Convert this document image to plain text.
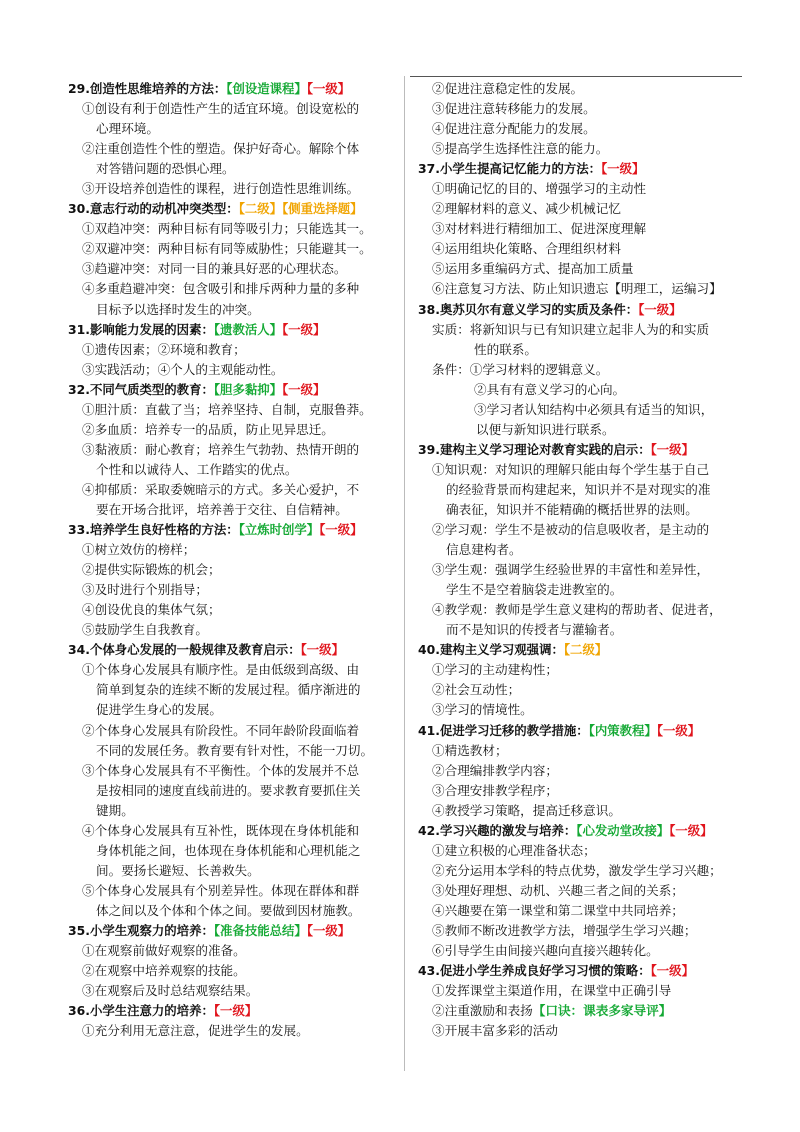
29.创造性思维培养的方法：【创设造课程】【一级】
①创设有利于创造性产生的适宜环境。创设宽松的
心理环境。
②注重创造性个性的塑造。保护好奇心。解除个体
对答错问题的恐惧心理。
③开设培养创造性的课程，进行创造性思维训练。
30.意志行动的动机冲突类型：【二级】【侧重选择题】
①双趋冲突：两种目标有同等吸引力；只能选其一。
②双避冲突：两种目标有同等威胁性；只能避其一。
③趋避冲突：对同一目的兼具好恶的心理状态。
④多重趋避冲突：包含吸引和排斥两种力量的多种
目标予以选择时发生的冲突。
31.影响能力发展的因素：【遗教活人】【一级】
①遗传因素；②环境和教育；
③实践活动；④个人的主观能动性。
32.不同气质类型的教育：【胆多黏抑】【一级】
①胆汁质：直截了当；培养坚持、自制，克服鲁莽。
②多血质：培养专一的品质，防止见异思迁。
③黏液质：耐心教育；培养生气勃勃、热情开朗的
个性和以诚待人、工作踏实的优点。
④抑郁质：采取委婉暗示的方式。多关心爱护，不
要在开场合批评，培养善于交往、自信精神。
33.培养学生良好性格的方法：【立炼时创学】【一级】
①树立效仿的榜样；
②提供实际锻炼的机会；
③及时进行个别指导；
④创设优良的集体气氛；
⑤鼓励学生自我教育。
34.个体身心发展的一般规律及教育启示：【一级】
①个体身心发展具有顺序性。是由低级到高级、由
简单到复杂的连续不断的发展过程。循序渐进的
促进学生身心的发展。
②个体身心发展具有阶段性。不同年龄阶段面临着
不同的发展任务。教育要有针对性，不能一刀切。
③个体身心发展具有不平衡性。个体的发展并不总
是按相同的速度直线前进的。要求教育要抓住关
键期。
④个体身心发展具有互补性，既体现在身体机能和
身体机能之间，也体现在身体机能和心理机能之
间。要扬长避短、长善救失。
⑤个体身心发展具有个别差异性。体现在群体和群
体之间以及个体和个体之间。要做到因材施教。
35.小学生观察力的培养：【准备技能总结】【一级】
①在观察前做好观察的准备。
②在观察中培养观察的技能。
③在观察后及时总结观察结果。
36.小学生注意力的培养：【一级】
①充分利用无意注意，促进学生的发展。
②促进注意稳定性的发展。
③促进注意转移能力的发展。
④促进注意分配能力的发展。
⑤提高学生选择性注意的能力。
37.小学生提高记忆能力的方法：【一级】
①明确记忆的目的、增强学习的主动性
②理解材料的意义、减少机械记忆
③对材料进行精细加工、促进深度理解
④运用组块化策略、合理组织材料
⑤运用多重编码方式、提高加工质量
⑥注意复习方法、防止知识遗忘【明理工，运编习】
38.奥苏贝尔有意义学习的实质及条件：【一级】
实质：将新知识与已有知识建立起非人为的和实质
性的联系。
条件：①学习材料的逻辑意义。
②具有有意义学习的心向。
③学习者认知结构中必须具有适当的知识，
以便与新知识进行联系。
39.建构主义学习理论对教育实践的启示：【一级】
①知识观：对知识的理解只能由每个学生基于自己
的经验背景而构建起来，知识并不是对现实的准
确表征，知识并不能精确的概括世界的法则。
②学习观：学生不是被动的信息吸收者，是主动的
信息建构者。
③学生观：强调学生经验世界的丰富性和差异性，
学生不是空着脑袋走进教室的。
④教学观：教师是学生意义建构的帮助者、促进者，
而不是知识的传授者与灌输者。
40.建构主义学习观强调：【二级】
①学习的主动建构性；
②社会互动性；
③学习的情境性。
41.促进学习迁移的教学措施：【内策教程】【一级】
①精选教材；
②合理编排教学内容；
③合理安排教学程序；
④教授学习策略，提高迁移意识。
42.学习兴趣的激发与培养：【心发动堂改接】【一级】
①建立积极的心理准备状态；
②充分运用本学科的特点优势，激发学生学习兴趣；
③处理好理想、动机、兴趣三者之间的关系；
④兴趣要在第一课堂和第二课堂中共同培养；
⑤教师不断改进教学方法，增强学生学习兴趣；
⑥引导学生由间接兴趣向直接兴趣转化。
43.促进小学生养成良好学习习惯的策略：【一级】
①发挥课堂主渠道作用，在课堂中正确引导
②注重激励和表扬【口诀：课表多家导评】
③开展丰富多彩的活动
